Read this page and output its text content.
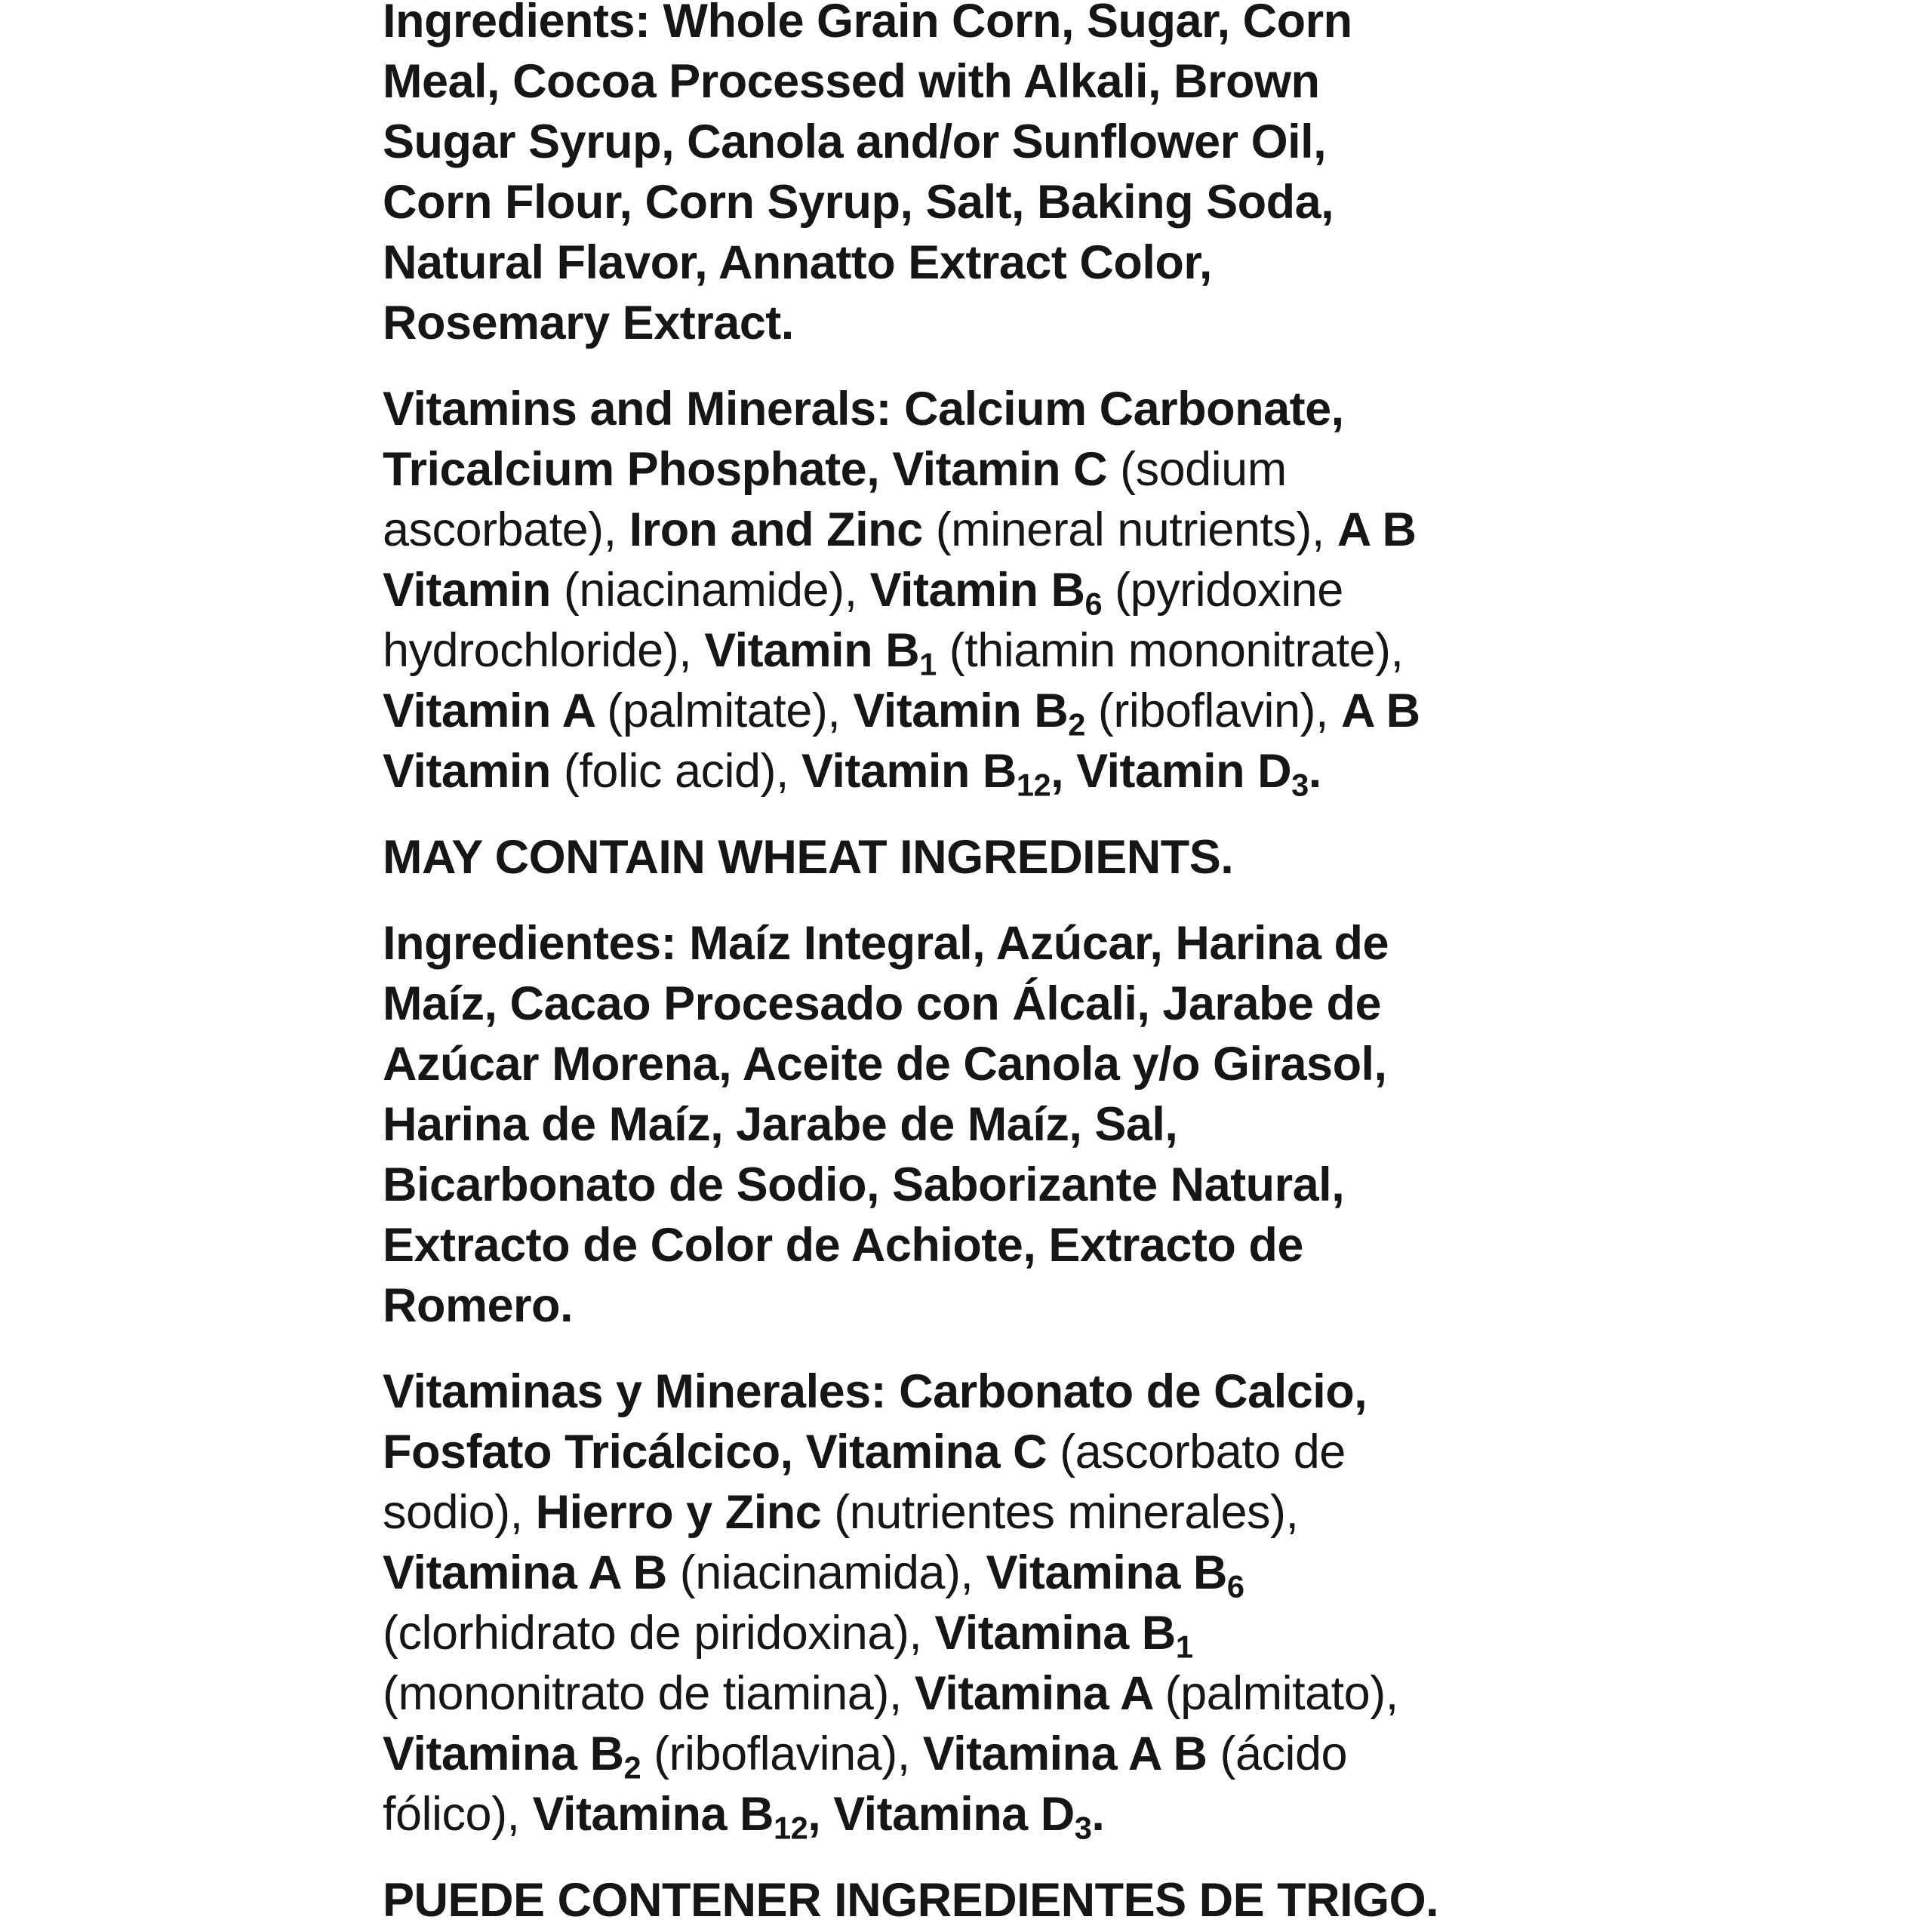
Ingredients: Whole Grain Corn, Sugar, Corn
Meal, Cocoa Processed with Alkali, Brown
Sugar Syrup, Canola and/or Sunflower Oil,
Corn Flour, Corn Syrup, Salt, Baking Soda,
Natural Flavor, Annatto Extract Color,
Rosemary Extract.
Vitamins and Minerals: Calcium Carbonate,
Tricalcium Phosphate, Vitamin C (sodium
ascorbate), Iron and Zinc (mineral nutrients), A B
Vitamin (niacinamide), Vitamin $B_6$ (pyridoxine
hydrochloride), Vitamin $B_1$ (thiamin mononitrate),
Vitamin A (palmitate), Vitamin $B_2$ (riboflavin), A B
Vitamin (folic acid), Vitamin $B_{12}$, Vitamin $D_3$.
MAY CONTAIN WHEAT INGREDIENTS.
Ingredientes: Maíz Integral, Azúcar, Harina de
Maíz, Cacao Procesado con Álcali, Jarabe de
Azúcar Morena, Aceite de Canola y/o Girasol,
Harina de Maíz, Jarabe de Maíz, Sal,
Bicarbonato de Sodio, Saborizante Natural,
Extracto de Color de Achiote, Extracto de
Romero.
Vitaminas y Minerales: Carbonato de Calcio,
Fosfato Tricálcico, Vitamina C (ascorbato de
sodio), Hierro y Zinc (nutrientes minerales),
Vitamina A B (niacinamida), Vitamina $B_6$
(clorhidrato de piridoxina), Vitamina $B_1$
(mononitrato de tiamina), Vitamina A (palmitato),
Vitamina $B_2$ (riboflavina), Vitamina A B (ácido
fólico), Vitamina $B_{12}$, Vitamina $D_3$.
PUEDE CONTENER INGREDIENTES DE TRIGO.
